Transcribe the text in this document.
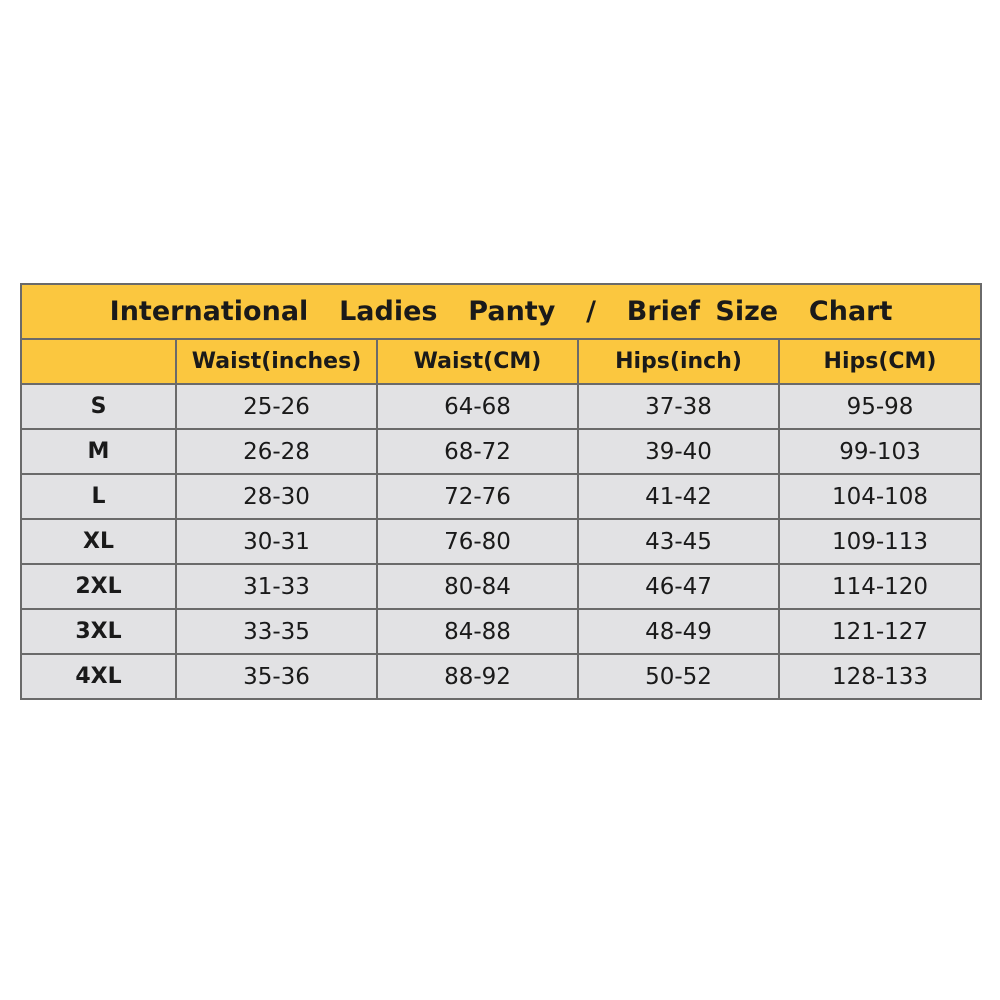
International  Ladies  Panty  /  Brief Size  Chart				
	Waist(inches)	Waist(CM)	Hips(inch)	Hips(CM)
S	25-26	64-68	37-38	95-98
M	26-28	68-72	39-40	99-103
L	28-30	72-76	41-42	104-108
XL	30-31	76-80	43-45	109-113
2XL	31-33	80-84	46-47	114-120
3XL	33-35	84-88	48-49	121-127
4XL	35-36	88-92	50-52	128-133
